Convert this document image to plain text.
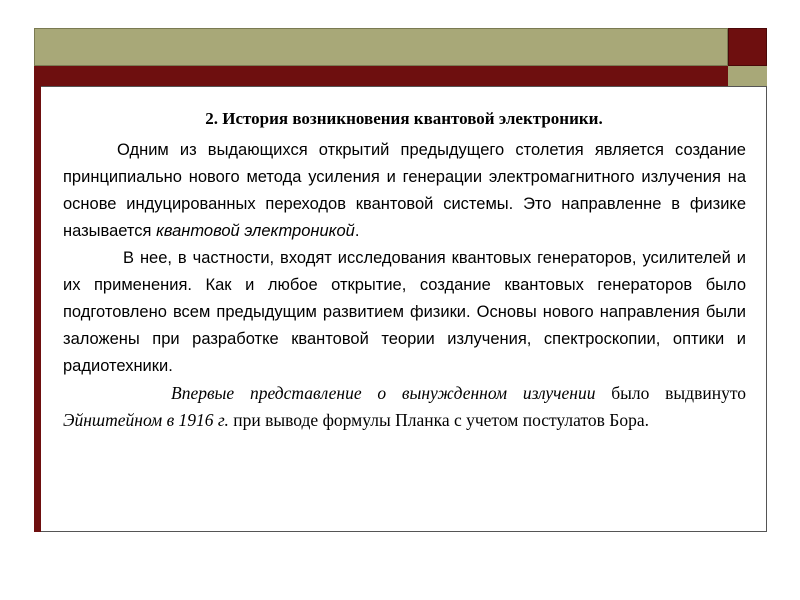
2. История возникновения квантовой электроники.

Одним из выдающихся открытий предыдущего столетия является создание принципиально нового метода усиления и генерации электромагнитного излучения на основе индуцированных переходов квантовой системы. Это направленне в физике называется квантовой электроникой.

В нее, в частности, входят исследования квантовых генераторов, усилителей и их применения. Как и любое открытие, создание квантовых генераторов было подготовлено всем предыдущим развитием физики. Основы нового направления были заложены при разработке квантовой теории излучения, спектроскопии, оптики и радиотехники.

Впервые представление о вынужденном излучении было выдвинуто Эйнштейном в 1916 г. при выводе формулы Планка с учетом постулатов Бора.
